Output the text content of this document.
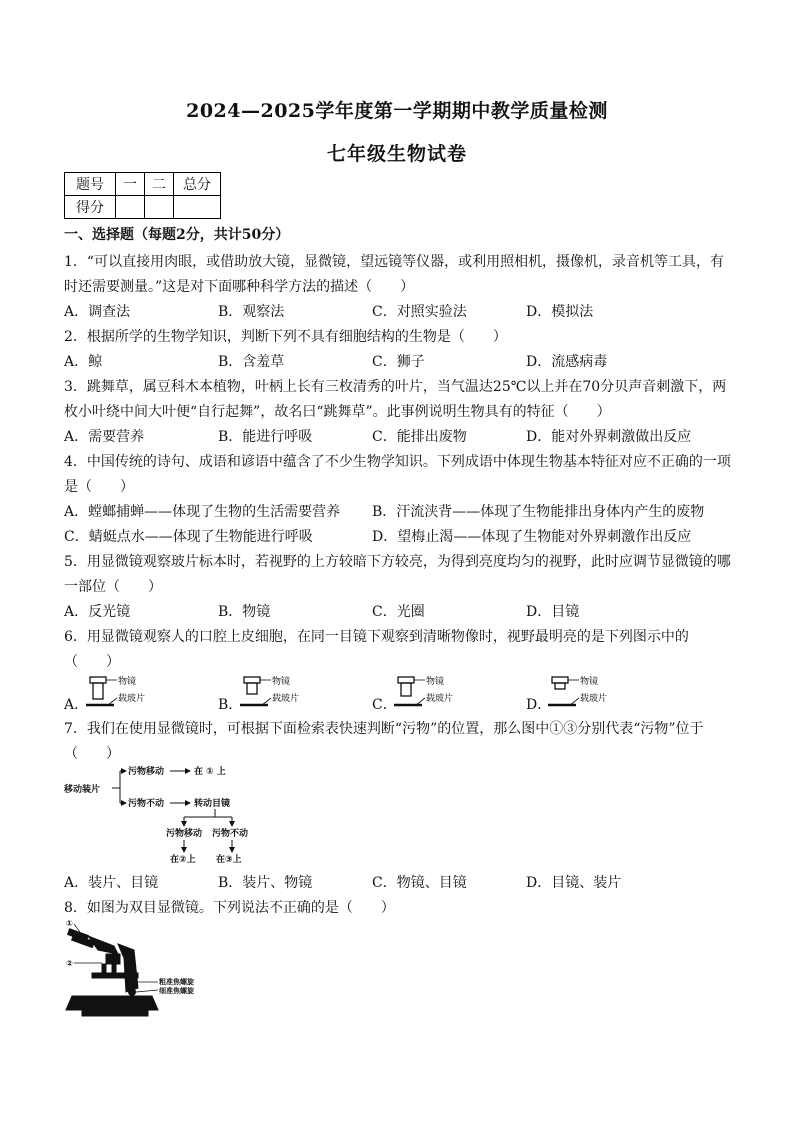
2024—2025学年度第一学期期中教学质量检测
七年级生物试卷
题号	一	二	总分
得分			
一、选择题（每题2分，共计50分）
1．“可以直接用肉眼，或借助放大镜，显微镜，望远镜等仪器，或利用照相机，摄像机，录音机等工具，有
时还需要测量。”这是对下面哪种科学方法的描述（　　）
A．调查法	B．观察法	C．对照实验法	D．模拟法
2．根据所学的生物学知识，判断下列不具有细胞结构的生物是（　　）
A．鲸	B．含羞草	C．狮子	D．流感病毒
3．跳舞草，属豆科木本植物，叶柄上长有三枚清秀的叶片，当气温达25℃以上并在70分贝声音刺激下，两
枚小叶绕中间大叶便“自行起舞”，故名曰“跳舞草”。此事例说明生物具有的特征（　　）
A．需要营养	B．能进行呼吸	C．能排出废物	D．能对外界刺激做出反应
4．中国传统的诗句、成语和谚语中蕴含了不少生物学知识。下列成语中体现生物基本特征对应不正确的一项
是（　　）
A．螳螂捕蝉——体现了生物的生活需要营养 B．汗流浃背——体现了生物能排出身体内产生的废物
C．蜻蜓点水——体现了生物能进行呼吸	D．望梅止渴——体现了生物能对外界刺激作出反应
5．用显微镜观察玻片标本时，若视野的上方较暗下方较亮，为得到亮度均匀的视野，此时应调节显微镜的哪
一部位（　　）
A．反光镜	B．物镜	C．光圈	D．目镜
6．用显微镜观察人的口腔上皮细胞，在同一目镜下观察到清晰物像时，视野最明亮的是下列图示中的
（　　）
A．
物镜
载玻片	B．
物镜
载玻片	C．
物镜
载玻片	D．
物镜
载玻片
7．我们在使用显微镜时，可根据下面检索表快速判断“污物”的位置，那么图中①③分别代表“污物”位于
（　　）
移动装片
污物移动	在 ① 上
污物不动	转动目镜
污物移动 污物不动
在②上 在③上
A．装片、目镜	B．装片、物镜	C．物镜、目镜	D．目镜、装片
8．如图为双目显微镜。下列说法不正确的是（　　）
①
②
粗准焦螺旋
细准焦螺旋
